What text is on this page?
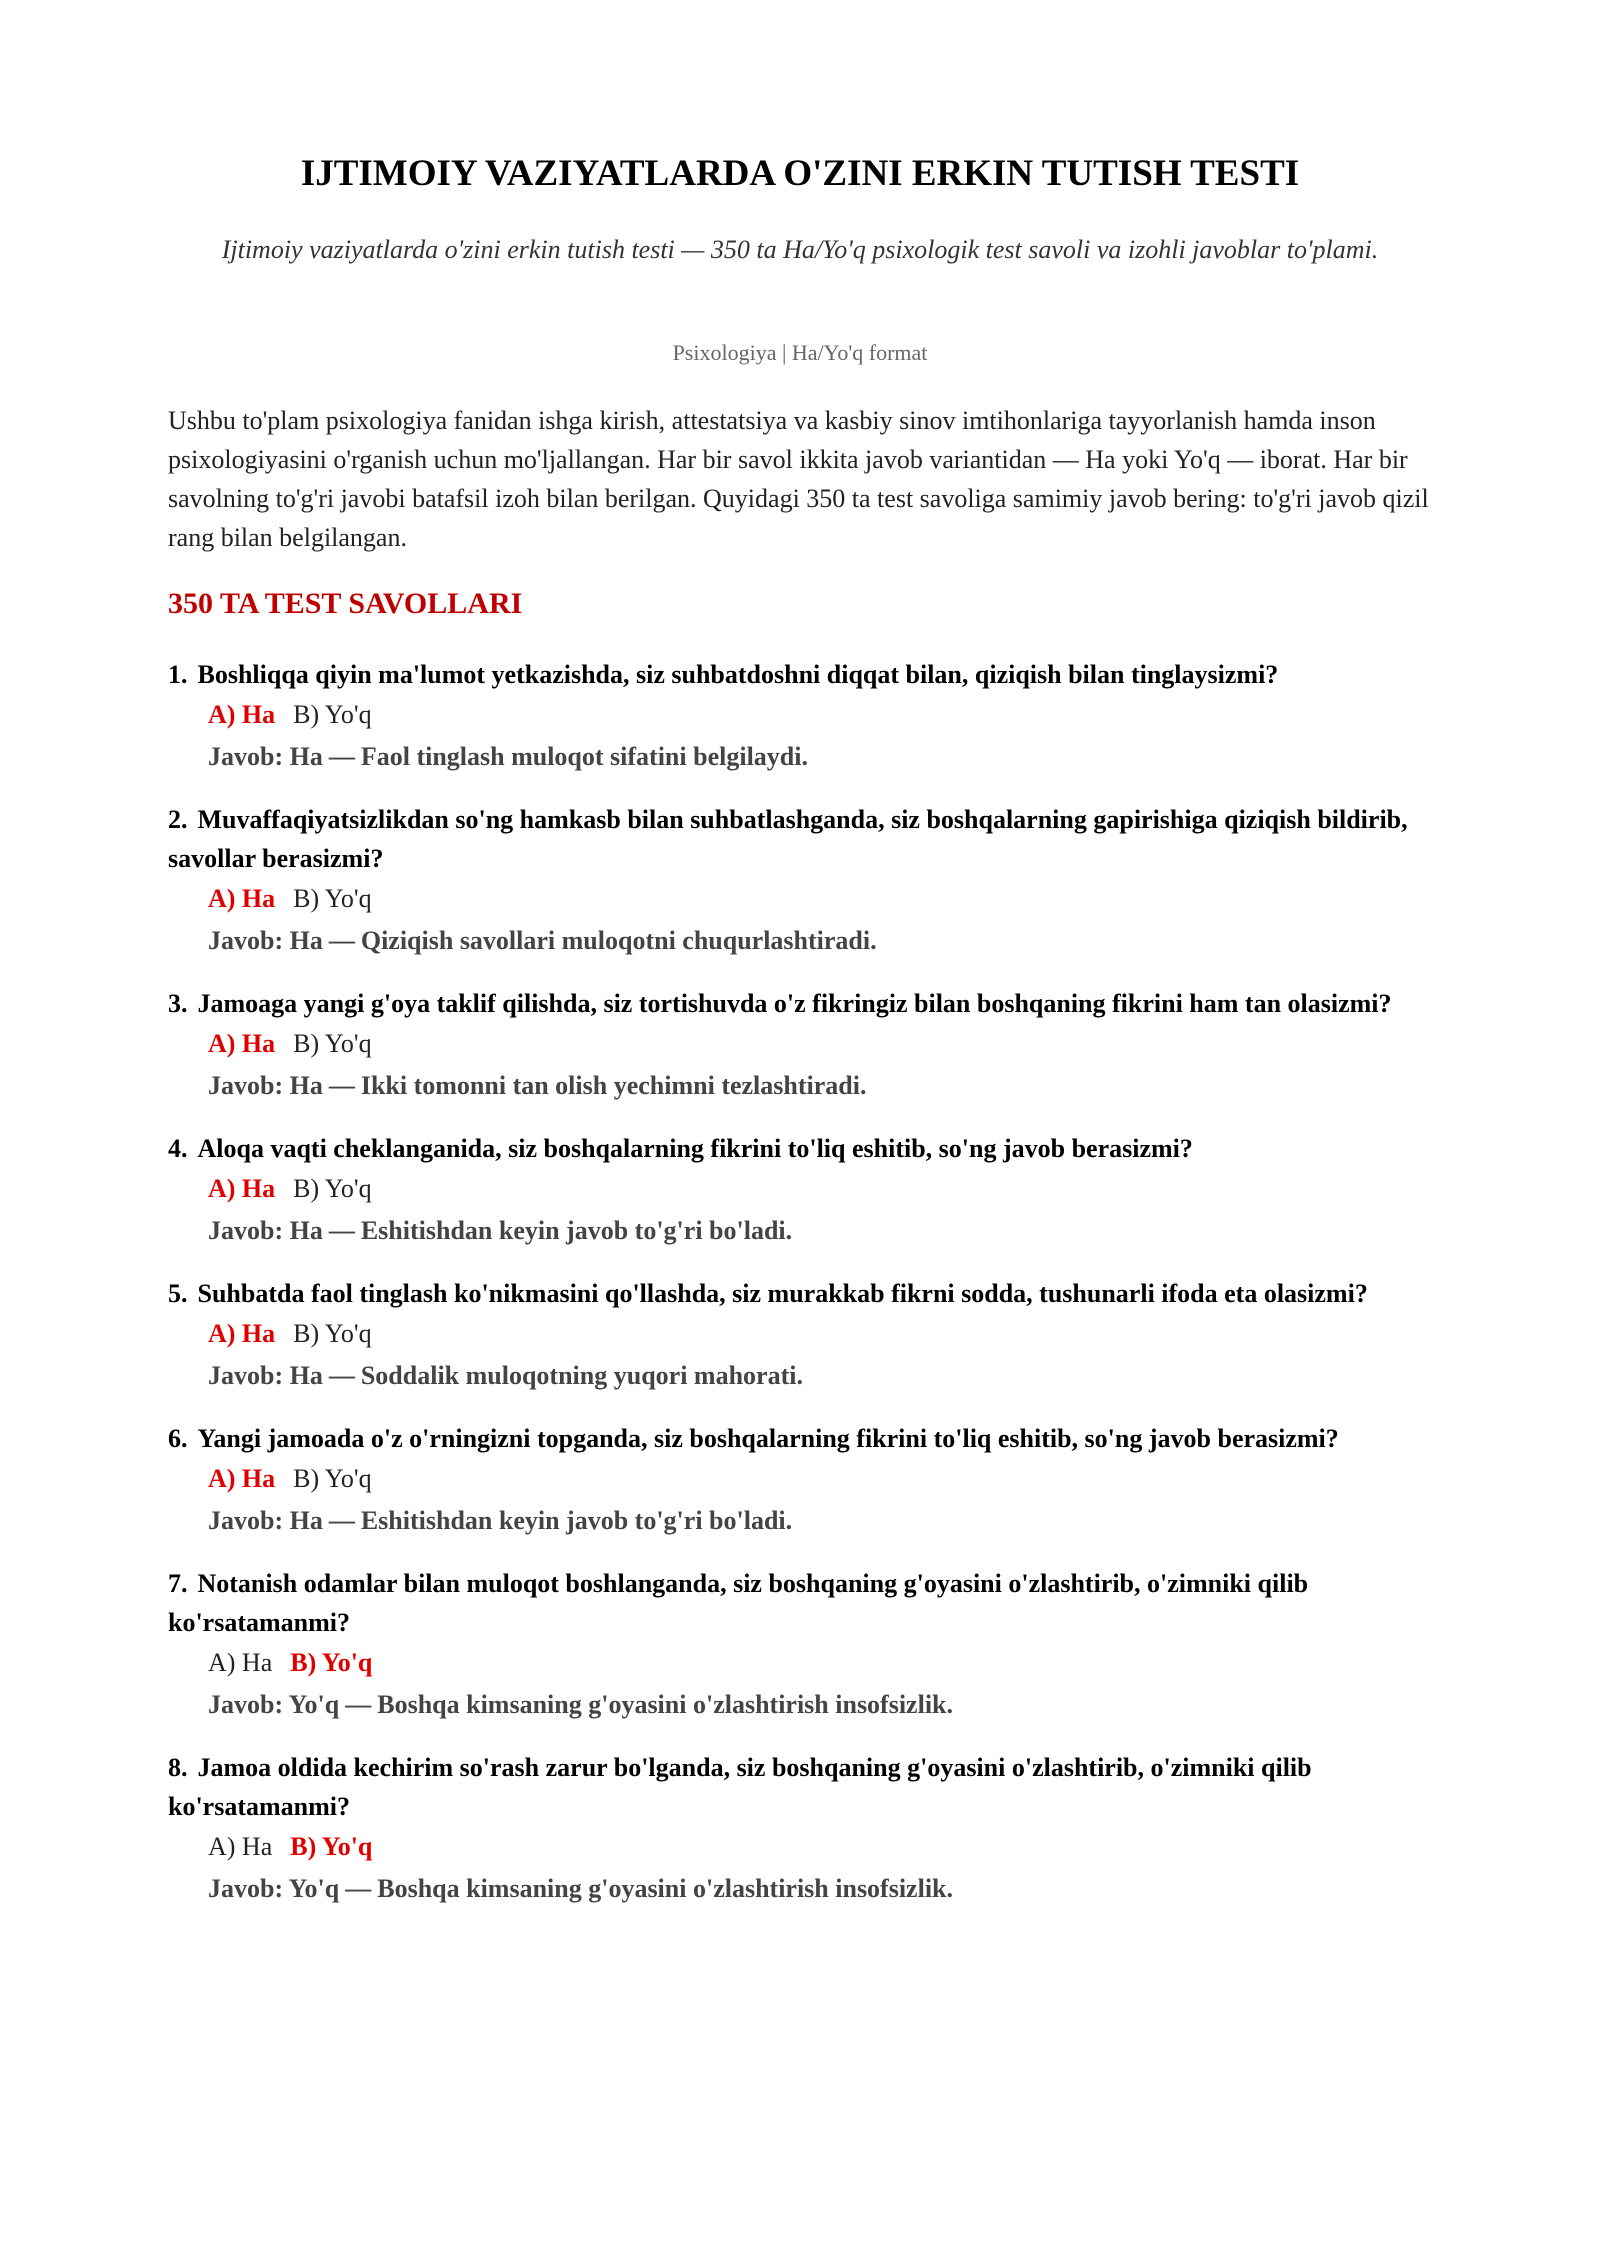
IJTIMOIY VAZIYATLARDA O'ZINI ERKIN TUTISH TESTI

Ijtimoiy vaziyatlarda o'zini erkin tutish testi — 350 ta Ha/Yo'q psixologik test savoli va izohli javoblar to'plami.

Psixologiya | Ha/Yo'q format

Ushbu to'plam psixologiya fanidan ishga kirish, attestatsiya va kasbiy sinov imtihonlariga tayyorlanish hamda inson psixologiyasini o'rganish uchun mo'ljallangan. Har bir savol ikkita javob variantidan — Ha yoki Yo'q — iborat. Har bir savolning to'g'ri javobi batafsil izoh bilan berilgan. Quyidagi 350 ta test savoliga samimiy javob bering: to'g'ri javob qizil rang bilan belgilangan.

350 TA TEST SAVOLLARI

1. Boshliqqa qiyin ma'lumot yetkazishda, siz suhbatdoshni diqqat bilan, qiziqish bilan tinglaysizmi?

A) Ha B) Yo'q
Javob: Ha — Faol tinglash muloqot sifatini belgilaydi.

2. Muvaffaqiyatsizlikdan so'ng hamkasb bilan suhbatlashganda, siz boshqalarning gapirishiga qiziqish bildirib, savollar berasizmi?

A) Ha B) Yo'q
Javob: Ha — Qiziqish savollari muloqotni chuqurlashtiradi.

3. Jamoaga yangi g'oya taklif qilishda, siz tortishuvda o'z fikringiz bilan boshqaning fikrini ham tan olasizmi?

A) Ha B) Yo'q
Javob: Ha — Ikki tomonni tan olish yechimni tezlashtiradi.

4. Aloqa vaqti cheklanganida, siz boshqalarning fikrini to'liq eshitib, so'ng javob berasizmi?

A) Ha B) Yo'q
Javob: Ha — Eshitishdan keyin javob to'g'ri bo'ladi.

5. Suhbatda faol tinglash ko'nikmasini qo'llashda, siz murakkab fikrni sodda, tushunarli ifoda eta olasizmi?

A) Ha B) Yo'q
Javob: Ha — Soddalik muloqotning yuqori mahorati.

6. Yangi jamoada o'z o'rningizni topganda, siz boshqalarning fikrini to'liq eshitib, so'ng javob berasizmi?

A) Ha B) Yo'q
Javob: Ha — Eshitishdan keyin javob to'g'ri bo'ladi.

7. Notanish odamlar bilan muloqot boshlanganda, siz boshqaning g'oyasini o'zlashtirib, o'zimniki qilib ko'rsatamanmi?

A) Ha B) Yo'q
Javob: Yo'q — Boshqa kimsaning g'oyasini o'zlashtirish insofsizlik.

8. Jamoa oldida kechirim so'rash zarur bo'lganda, siz boshqaning g'oyasini o'zlashtirib, o'zimniki qilib ko'rsatamanmi?

A) Ha B) Yo'q
Javob: Yo'q — Boshqa kimsaning g'oyasini o'zlashtirish insofsizlik.
